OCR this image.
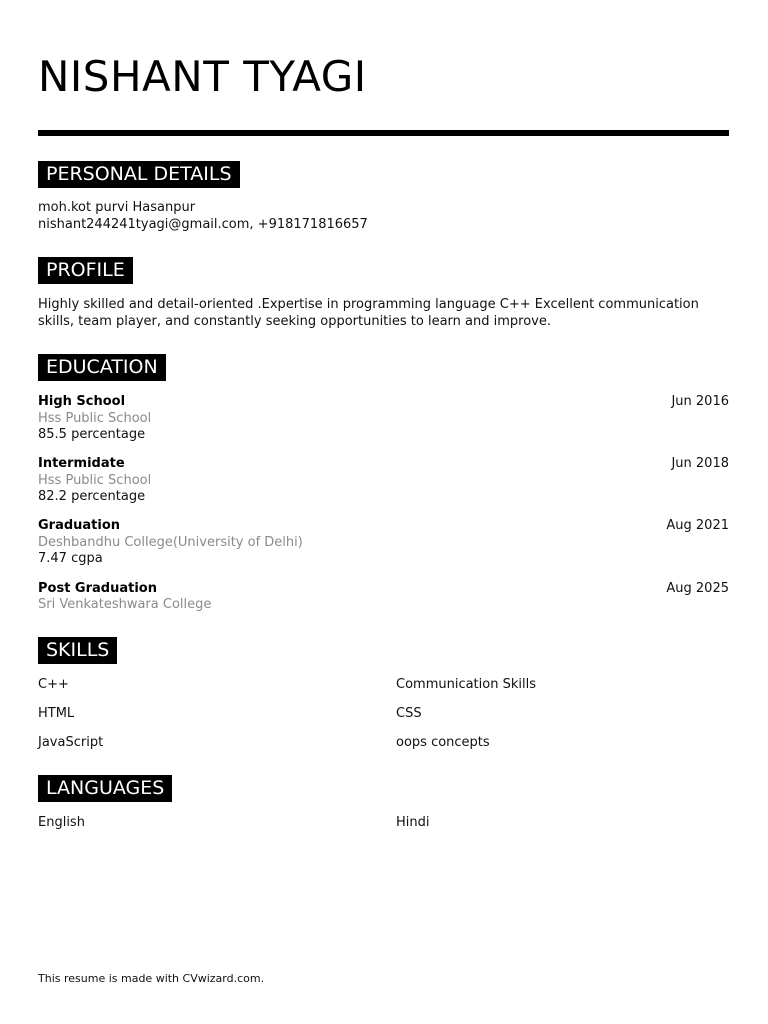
NISHANT TYAGI
PERSONAL DETAILS
moh.kot purvi Hasanpur
nishant244241tyagi@gmail.com, +918171816657
PROFILE
Highly skilled and detail-oriented .Expertise in programming language C++ Excellent communication skills, team player, and constantly seeking opportunities to learn and improve.
EDUCATION
High School	Jun 2016
Hss Public School
85.5 percentage
Intermidate	Jun 2018
Hss Public School
82.2 percentage
Graduation	Aug 2021
Deshbandhu College(University of Delhi)
7.47 cgpa
Post Graduation	Aug 2025
Sri Venkateshwara College
SKILLS
C++	Communication Skills
HTML	CSS
JavaScript	oops concepts
LANGUAGES
English	Hindi
This resume is made with CVwizard.com.
